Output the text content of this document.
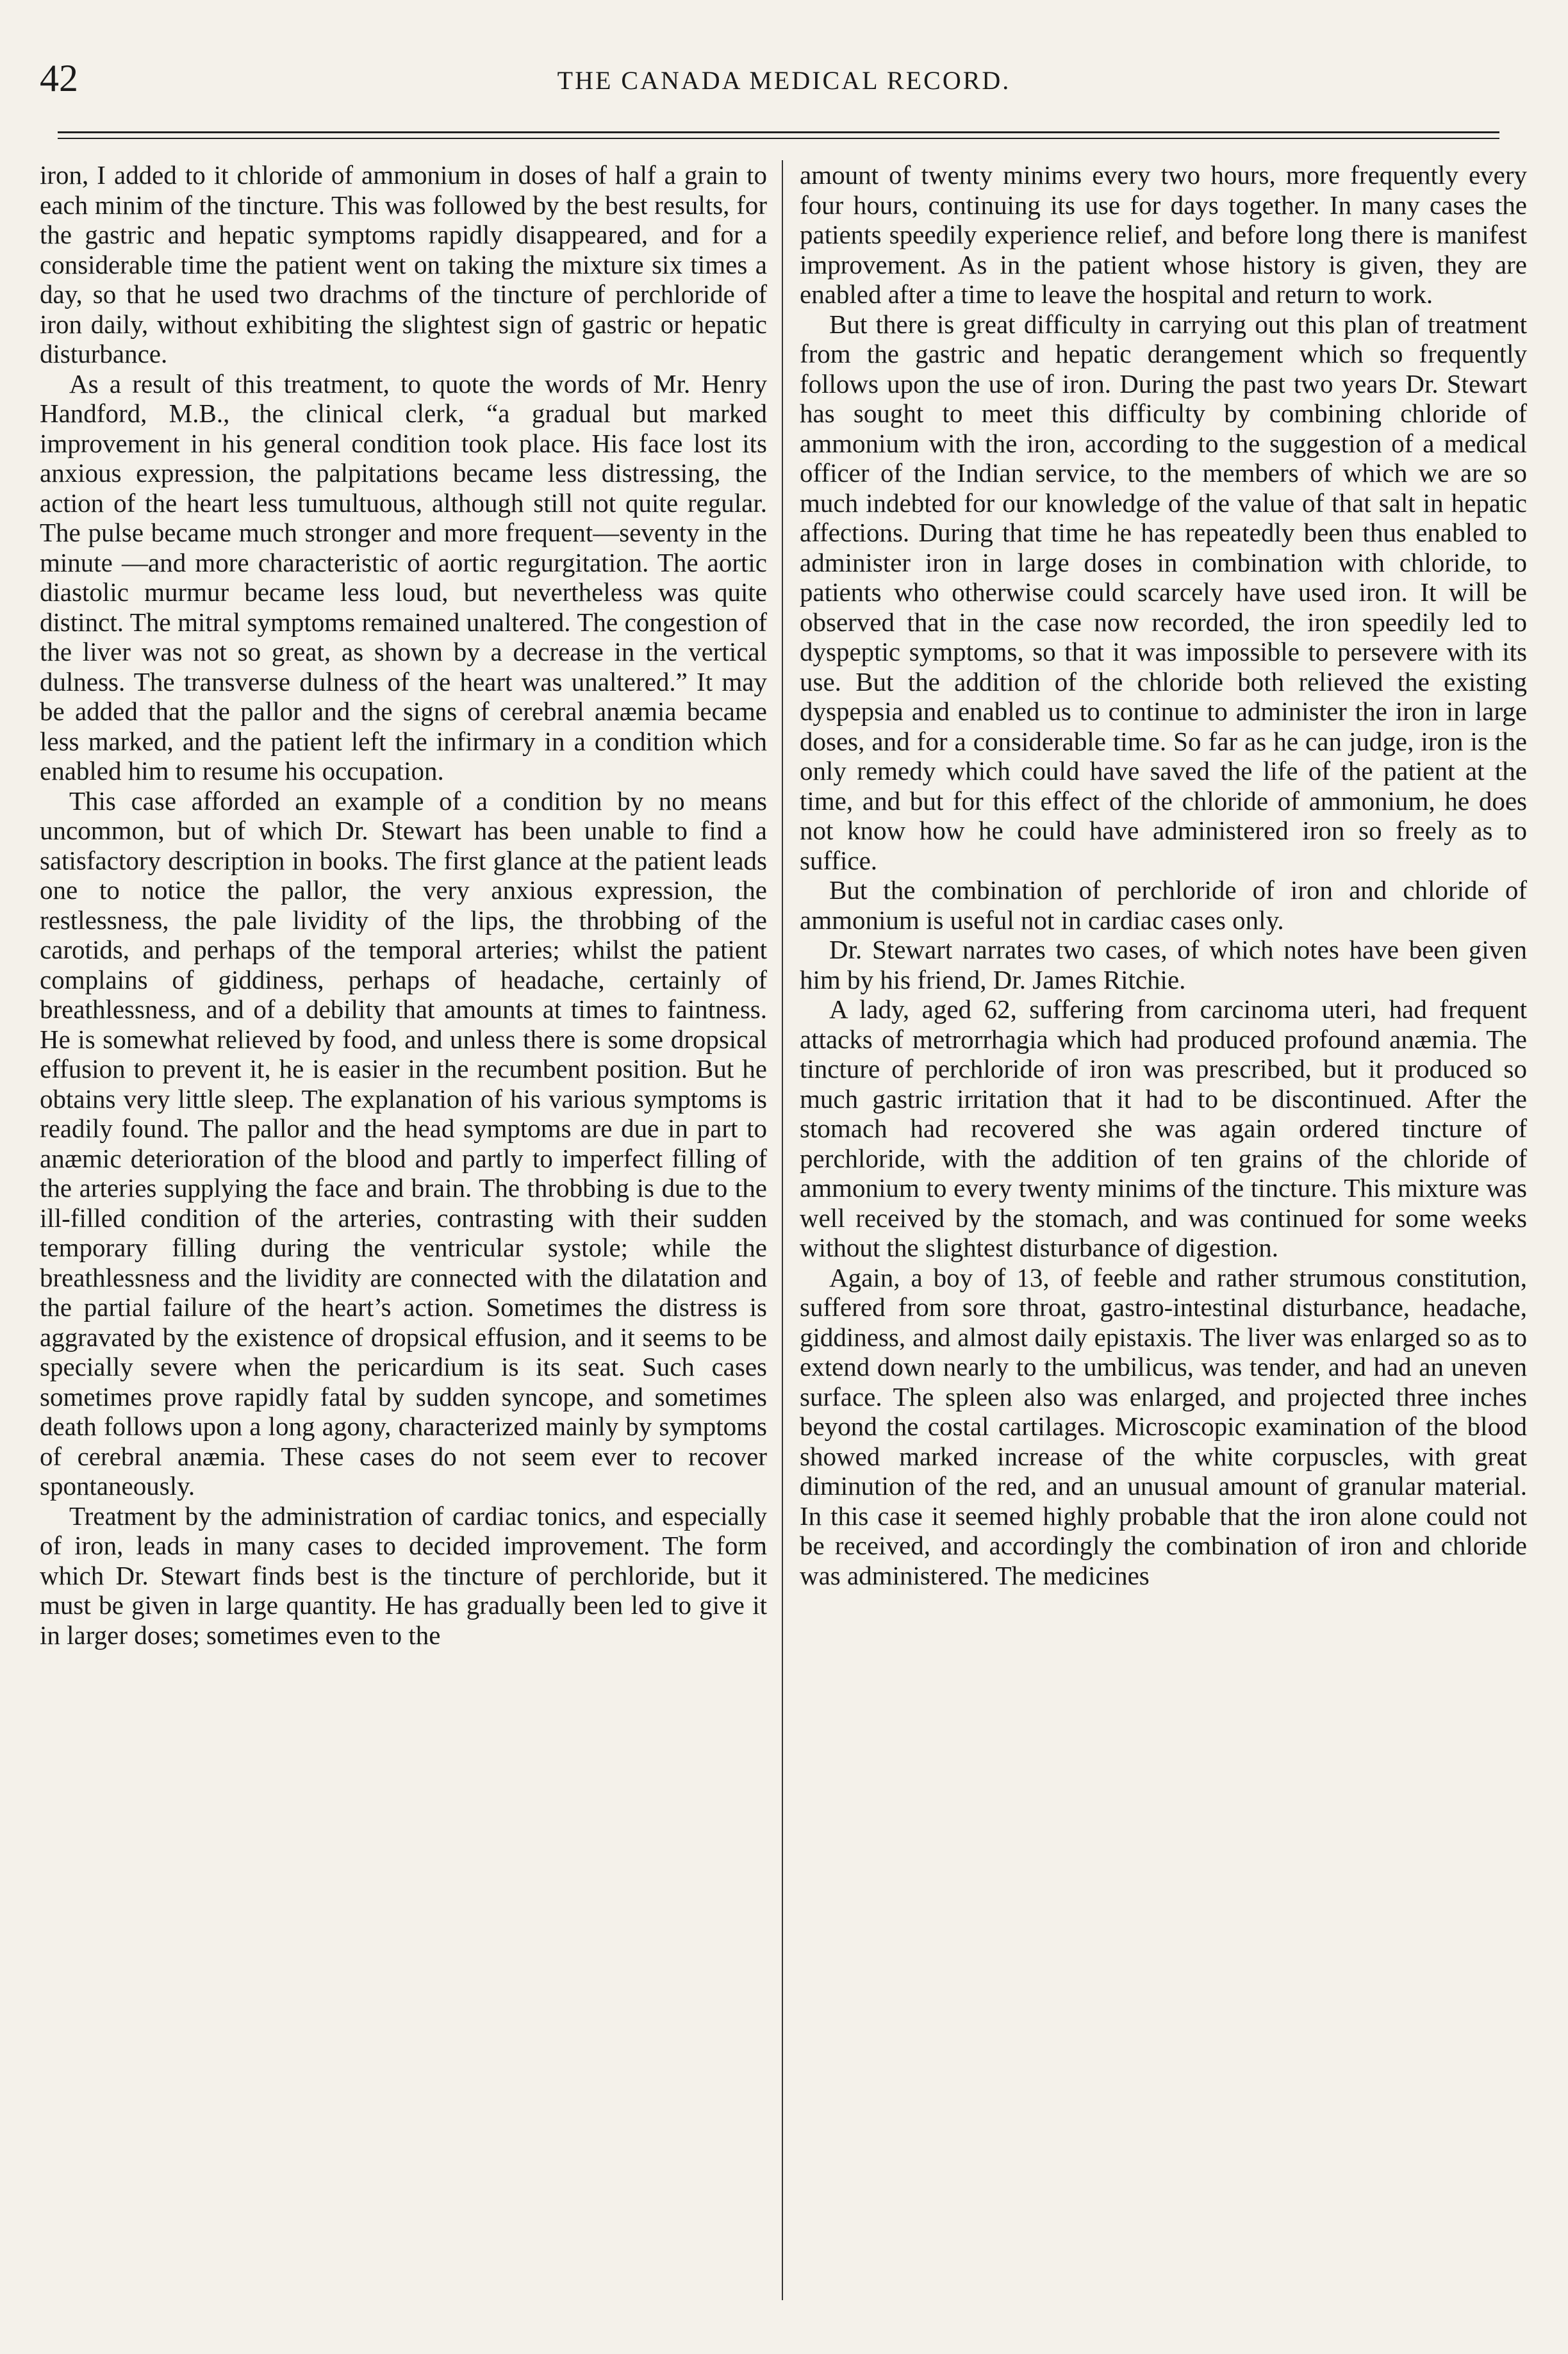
42	THE CANADA MEDICAL RECORD.

iron, I added to it chloride of ammonium in doses of half a grain to each minim of the tincture. This was followed by the best results, for the gastric and hepatic symptoms rapidly disappeared, and for a considerable time the patient went on taking the mixture six times a day, so that he used two drachms of the tincture of perchloride of iron daily, without exhibiting the slightest sign of gastric or hepatic disturbance.

As a result of this treatment, to quote the words of Mr. Henry Handford, M.B., the clinical clerk, “a gradual but marked improvement in his general condition took place. His face lost its anxious expression, the palpitations became less distressing, the action of the heart less tumultuous, although still not quite regular. The pulse became much stronger and more frequent—seventy in the minute —and more characteristic of aortic regurgitation. The aortic diastolic murmur became less loud, but nevertheless was quite distinct. The mitral symptoms remained unaltered. The congestion of the liver was not so great, as shown by a decrease in the vertical dulness. The transverse dulness of the heart was unaltered.” It may be added that the pallor and the signs of cerebral anæmia became less marked, and the patient left the infirmary in a condition which enabled him to resume his occupation.

This case afforded an example of a condition by no means uncommon, but of which Dr. Stewart has been unable to find a satisfactory description in books. The first glance at the patient leads one to notice the pallor, the very anxious expression, the restlessness, the pale lividity of the lips, the throbbing of the carotids, and perhaps of the temporal arteries; whilst the patient complains of giddiness, perhaps of headache, certainly of breathlessness, and of a debility that amounts at times to faintness. He is somewhat relieved by food, and unless there is some dropsical effusion to prevent it, he is easier in the recumbent position. But he obtains very little sleep. The explanation of his various symptoms is readily found. The pallor and the head symptoms are due in part to anæmic deterioration of the blood and partly to imperfect filling of the arteries supplying the face and brain. The throbbing is due to the ill-filled condition of the arteries, contrasting with their sudden temporary filling during the ventricular systole; while the breathlessness and the lividity are connected with the dilatation and the partial failure of the heart’s action. Sometimes the distress is aggravated by the existence of dropsical effusion, and it seems to be specially severe when the pericardium is its seat. Such cases sometimes prove rapidly fatal by sudden syncope, and sometimes death follows upon a long agony, characterized mainly by symptoms of cerebral anæmia. These cases do not seem ever to recover spontaneously.

Treatment by the administration of cardiac tonics, and especially of iron, leads in many cases to decided improvement. The form which Dr. Stewart finds best is the tincture of perchloride, but it must be given in large quantity. He has gradually been led to give it in larger doses; sometimes even to the

amount of twenty minims every two hours, more frequently every four hours, continuing its use for days together. In many cases the patients speedily experience relief, and before long there is manifest improvement. As in the patient whose history is given, they are enabled after a time to leave the hospital and return to work.

But there is great difficulty in carrying out this plan of treatment from the gastric and hepatic derangement which so frequently follows upon the use of iron. During the past two years Dr. Stewart has sought to meet this difficulty by combining chloride of ammonium with the iron, according to the suggestion of a medical officer of the Indian service, to the members of which we are so much indebted for our knowledge of the value of that salt in hepatic affections. During that time he has repeatedly been thus enabled to administer iron in large doses in combination with chloride, to patients who otherwise could scarcely have used iron. It will be observed that in the case now recorded, the iron speedily led to dyspeptic symptoms, so that it was impossible to persevere with its use. But the addition of the chloride both relieved the existing dyspepsia and enabled us to continue to administer the iron in large doses, and for a considerable time. So far as he can judge, iron is the only remedy which could have saved the life of the patient at the time, and but for this effect of the chloride of ammonium, he does not know how he could have administered iron so freely as to suffice.

But the combination of perchloride of iron and chloride of ammonium is useful not in cardiac cases only.

Dr. Stewart narrates two cases, of which notes have been given him by his friend, Dr. James Ritchie.

A lady, aged 62, suffering from carcinoma uteri, had frequent attacks of metrorrhagia which had produced profound anæmia. The tincture of perchloride of iron was prescribed, but it produced so much gastric irritation that it had to be discontinued. After the stomach had recovered she was again ordered tincture of perchloride, with the addition of ten grains of the chloride of ammonium to every twenty minims of the tincture. This mixture was well received by the stomach, and was continued for some weeks without the slightest disturbance of digestion.

Again, a boy of 13, of feeble and rather strumous constitution, suffered from sore throat, gastro-intestinal disturbance, headache, giddiness, and almost daily epistaxis. The liver was enlarged so as to extend down nearly to the umbilicus, was tender, and had an uneven surface. The spleen also was enlarged, and projected three inches beyond the costal cartilages. Microscopic examination of the blood showed marked increase of the white corpuscles, with great diminution of the red, and an unusual amount of granular material. In this case it seemed highly probable that the iron alone could not be received, and accordingly the combination of iron and chloride was administered. The medicines
